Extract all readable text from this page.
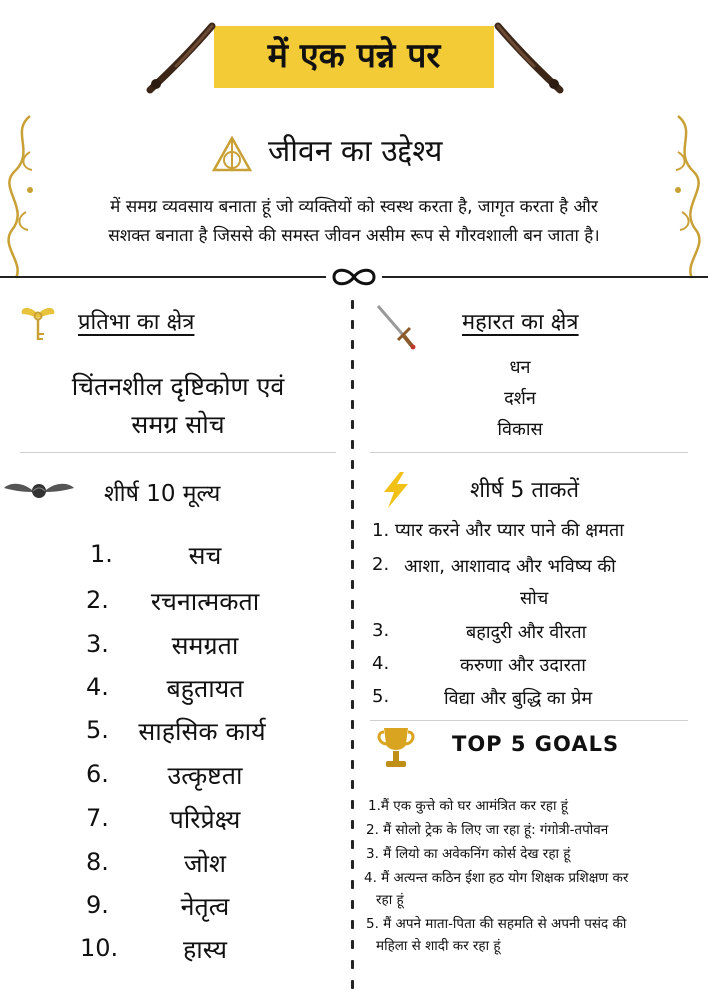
में एक पन्ने पर
जीवन का उद्देश्य
में समग्र व्यवसाय बनाता हूं जो व्यक्तियों को स्वस्थ करता है, जागृत करता है और
सशक्त बनाता है जिससे की समस्त जीवन असीम रूप से गौरवशाली बन जाता है।
प्रतिभा का क्षेत्र
चिंतनशील दृष्टिकोण एवं
समग्र सोच
शीर्ष 10 मूल्य
1.	सच
2.	रचनात्मकता
3.	समग्रता
4.	बहुतायत
5.	साहसिक कार्य
6.	उत्कृष्टता
7.	परिप्रेक्ष्य
8.	जोश
9.	नेतृत्व
10.	हास्य
महारत का क्षेत्र
धन
दर्शन
विकास
शीर्ष 5 ताकतें
1. प्यार करने और प्यार पाने की क्षमता
2. आशा, आशावाद और भविष्य की
सोच
3.	बहादुरी और वीरता
4.	करुणा और उदारता
5.	विद्या और बुद्धि का प्रेम
TOP 5 GOALS
1.मैं एक कुत्ते को घर आमंत्रित कर रहा हूं
2. मैं सोलो ट्रेक के लिए जा रहा हूं: गंगोत्री-तपोवन
3. मैं लियो का अवेकनिंग कोर्स देख रहा हूं
4. मैं अत्यन्त कठिन ईशा हठ योग शिक्षक प्रशिक्षण कर
रहा हूं
5. मैं अपने माता-पिता की सहमति से अपनी पसंद की
महिला से शादी कर रहा हूं
